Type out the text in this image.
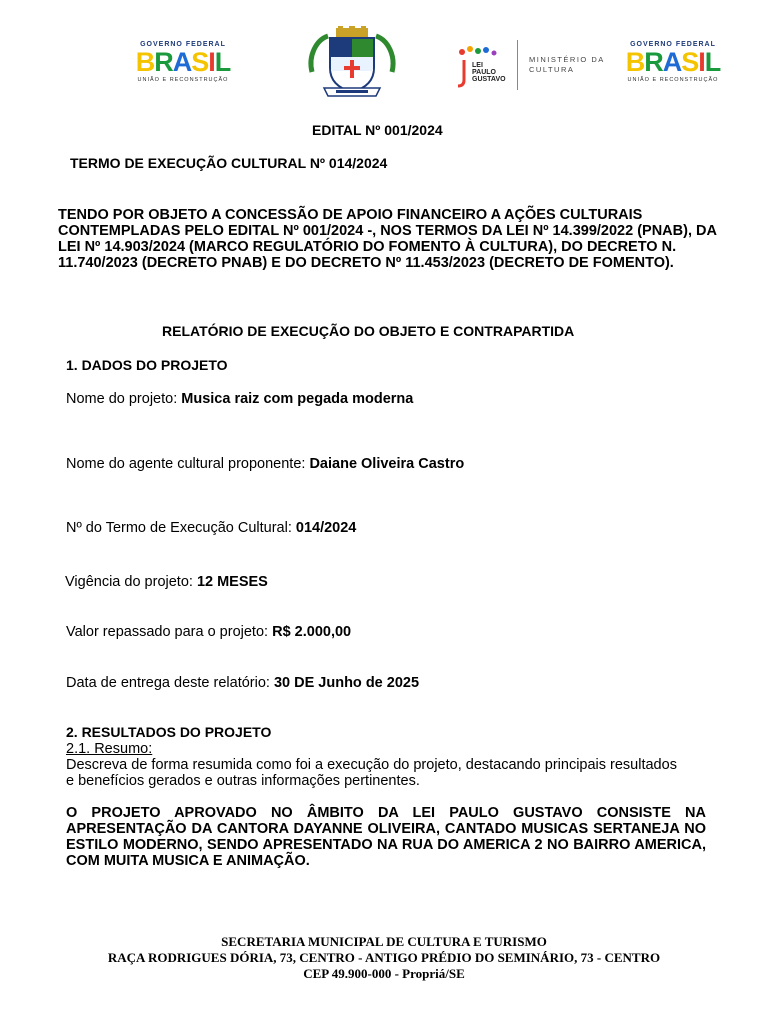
GOVERNO FEDERAL
BRASIL
UNIÃO E RECONSTRUÇÃO
LEI
PAULO
GUSTAVO
MINISTÉRIO DA
CULTURA
GOVERNO FEDERAL
BRASIL
UNIÃO E RECONSTRUÇÃO
EDITAL Nº 001/2024
TERMO DE EXECUÇÃO CULTURAL Nº 014/2024
TENDO POR OBJETO A CONCESSÃO DE APOIO FINANCEIRO A AÇÕES CULTURAIS CONTEMPLADAS PELO EDITAL Nº 001/2024 -, NOS TERMOS DA LEI Nº 14.399/2022 (PNAB), DA LEI Nº 14.903/2024 (MARCO REGULATÓRIO DO FOMENTO À CULTURA), DO DECRETO N. 11.740/2023 (DECRETO PNAB) E DO DECRETO Nº 11.453/2023 (DECRETO DE FOMENTO).
RELATÓRIO DE EXECUÇÃO DO OBJETO E CONTRAPARTIDA
1. DADOS DO PROJETO
Nome do projeto: Musica raiz com pegada moderna
Nome do agente cultural proponente: Daiane Oliveira Castro
Nº do Termo de Execução Cultural: 014/2024
Vigência do projeto: 12 MESES
Valor repassado para o projeto: R$ 2.000,00
Data de entrega deste relatório: 30 DE Junho de 2025
2. RESULTADOS DO PROJETO
2.1. Resumo:
Descreva de forma resumida como foi a execução do projeto, destacando principais resultados e benefícios gerados e outras informações pertinentes.
O PROJETO APROVADO NO ÂMBITO DA LEI PAULO GUSTAVO CONSISTE NA APRESENTAÇÃO DA CANTORA DAYANNE OLIVEIRA, CANTADO MUSICAS SERTANEJA NO ESTILO MODERNO, SENDO APRESENTADO NA RUA DO AMERICA 2 NO BAIRRO AMERICA, COM MUITA MUSICA E ANIMAÇÃO.
SECRETARIA MUNICIPAL DE CULTURA E TURISMO
RAÇA RODRIGUES DÓRIA, 73, CENTRO - ANTIGO PRÉDIO DO SEMINÁRIO, 73 - CENTRO
CEP 49.900-000 - Propriá/SE
